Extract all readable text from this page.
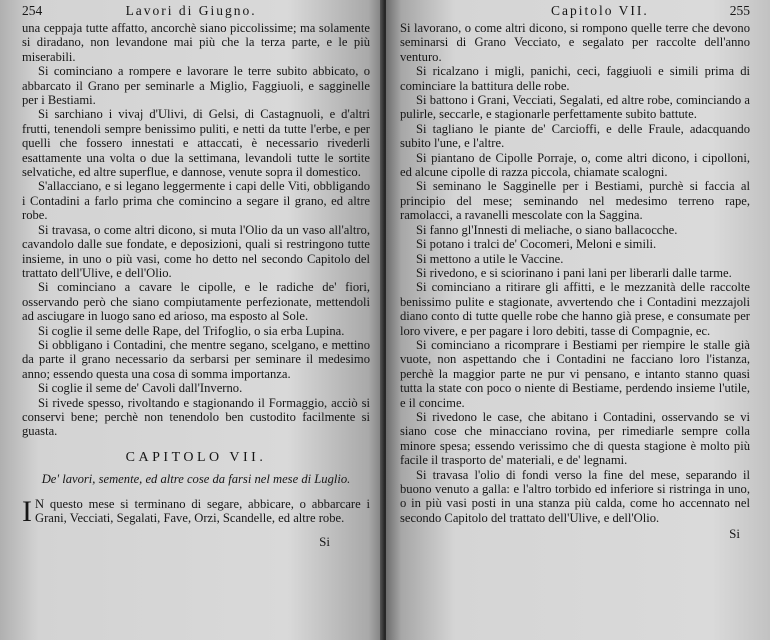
254	Lavori di Giugno.

una ceppaja tutte affatto, ancorchè siano piccolissime; ma solamente si diradano, non levandone mai più che la terza parte, e le più miserabili.

Si cominciano a rompere e lavorare le terre subito abbicato, o abbarcato il Grano per seminarle a Miglio, Faggiuoli, e sagginelle per i Bestiami.

Si sarchiano i vivaj d'Ulivi, di Gelsi, di Castagnuoli, e d'altri frutti, tenendoli sempre benissimo puliti, e netti da tutte l'erbe, e per quelli che fossero innestati e attaccati, è necessario rivederli esattamente una volta o due la settimana, levandoli tutte le sortite selvatiche, ed altre superflue, e dannose, venute sopra il domestico.

S'allacciano, e si legano leggermente i capi delle Viti, obbligando i Contadini a farlo prima che comincino a segare il grano, ed altre robe.

Si travasa, o come altri dicono, si muta l'Olio da un vaso all'altro, cavandolo dalle sue fondate, e deposizioni, quali si restringono tutte insieme, in uno o più vasi, come ho detto nel secondo Capitolo del trattato dell'Ulive, e dell'Olio.

Si cominciano a cavare le cipolle, e le radiche de' fiori, osservando però che siano compiutamente perfezionate, mettendoli ad asciugare in luogo sano ed arioso, ma esposto al Sole.

Si coglie il seme delle Rape, del Trifoglio, o sia erba Lupina.

Si obbligano i Contadini, che mentre segano, scelgano, e mettino da parte il grano necessario da serbarsi per seminare il medesimo anno; essendo questa una cosa di somma importanza.

Si coglie il seme de' Cavoli dall'Inverno.

Si rivede spesso, rivoltando e stagionando il Formaggio, acciò si conservi bene; perchè non tenendolo ben custodito facilmente si guasta.

CAPITOLO VII.
De' lavori, semente, ed altre cose da farsi nel mese di Luglio.
I N questo mese si terminano di segare, abbicare, o abbarcare i Grani, Vecciati, Segalati, Fave, Orzi, Scandelle, ed altre robe.
Si
Capitolo VII.	255

Si lavorano, o come altri dicono, si rompono quelle terre che devono seminarsi di Grano Vecciato, e segalato per raccolte dell'anno venturo.

Si ricalzano i migli, panichi, ceci, faggiuoli e simili prima di cominciare la battitura delle robe.

Si battono i Grani, Vecciati, Segalati, ed altre robe, cominciando a pulirle, seccarle, e stagionarle perfettamente subito battute.

Si tagliano le piante de' Carcioffi, e delle Fraule, adacquando subito l'une, e l'altre.

Si piantano de Cipolle Porraje, o, come altri dicono, i cipolloni, ed alcune cipolle di razza piccola, chiamate scalogni.

Si seminano le Sagginelle per i Bestiami, purchè si faccia al principio del mese; seminando nel medesimo terreno rape, ramolacci, a ravanelli mescolate con la Saggina.

Si fanno gl'Innesti di meliache, o siano ballacocche.

Si potano i tralci de' Cocomeri, Meloni e simili.

Si mettono a utile le Vaccine.

Si rivedono, e si sciorinano i pani lani per liberarli dalle tarme.

Si cominciano a ritirare gli affitti, e le mezzanità delle raccolte benissimo pulite e stagionate, avvertendo che i Contadini mezzajoli diano conto di tutte quelle robe che hanno già prese, e consumate per loro vivere, e per pagare i loro debiti, tasse di Compagnie, ec.

Si cominciano a ricomprare i Bestiami per riempire le stalle già vuote, non aspettando che i Contadini ne facciano loro l'istanza, perchè la maggior parte ne pur vi pensano, e intanto stanno quasi tutta la state con poco o niente di Bestiame, perdendo insieme l'utile, e il concime.

Si rivedono le case, che abitano i Contadini, osservando se vi siano cose che minacciano rovina, per rimediarle sempre colla minore spesa; essendo verissimo che di questa stagione è molto più facile il trasporto de' materiali, e de' legnami.

Si travasa l'olio di fondi verso la fine del mese, separando il buono venuto a galla: e l'altro torbido ed inferiore si ristringa in uno, o in più vasi posti in una stanza più calda, come ho accennato nel secondo Capitolo del trattato dell'Ulive, e dell'Olio.

Si
